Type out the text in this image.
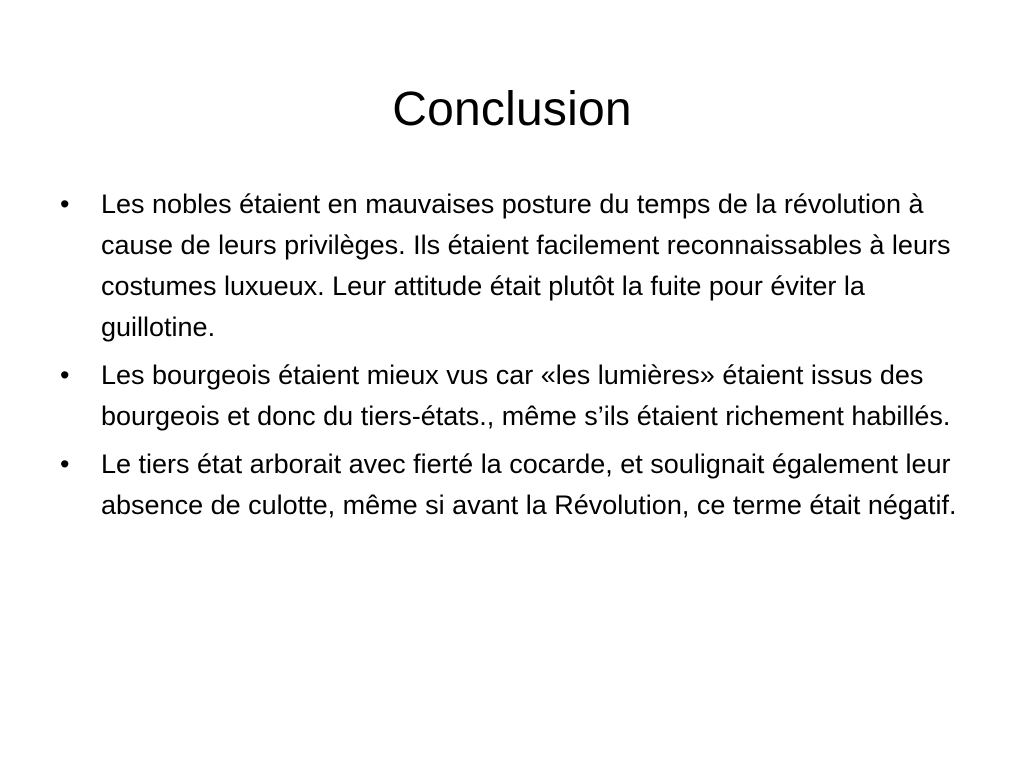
Conclusion
• Les nobles étaient en mauvaises posture du temps de la révolution à cause de leurs privilèges. Ils étaient facilement reconnaissables à leurs costumes luxueux. Leur attitude était plutôt la fuite pour éviter la guillotine.
• Les bourgeois étaient mieux vus car «les lumières» étaient issus des bourgeois et donc du tiers-états., même s’ils étaient richement habillés.
• Le tiers état arborait avec fierté la cocarde, et soulignait également leur absence de culotte, même si avant la Révolution, ce terme était négatif.
